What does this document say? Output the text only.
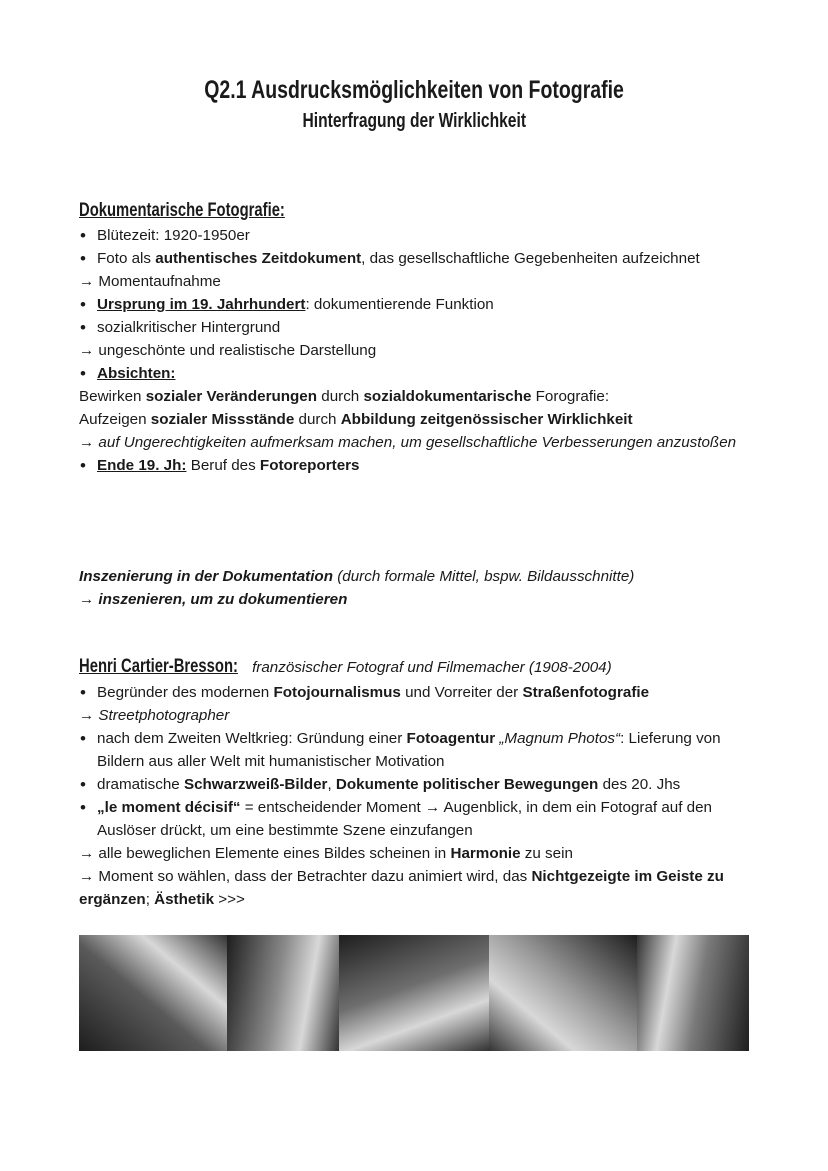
Q2.1 Ausdrucksmöglichkeiten von Fotografie
Hinterfragung der Wirklichkeit
Dokumentarische Fotografie:
• Blütezeit: 1920-1950er
• Foto als authentisches Zeitdokument, das gesellschaftliche Gegebenheiten aufzeichnet
→ Momentaufnahme
• Ursprung im 19. Jahrhundert: dokumentierende Funktion
• sozialkritischer Hintergrund
→ ungeschönte und realistische Darstellung
• Absichten:
Bewirken sozialer Veränderungen durch sozialdokumentarische Forografie:
Aufzeigen sozialer Missstände durch Abbildung zeitgenössischer Wirklichkeit
→ auf Ungerechtigkeiten aufmerksam machen, um gesellschaftliche Verbesserungen anzustoßen
• Ende 19. Jh: Beruf des Fotoreporters
Inszenierung in der Dokumentation (durch formale Mittel, bspw. Bildausschnitte)
→ inszenieren, um zu dokumentieren
Henri Cartier-Bresson: französischer Fotograf und Filmemacher (1908-2004)
• Begründer des modernen Fotojournalismus und Vorreiter der Straßenfotografie
→ Streetphotographer
• nach dem Zweiten Weltkrieg: Gründung einer Fotoagentur „Magnum Photos“: Lieferung von Bildern aus aller Welt mit humanistischer Motivation
• dramatische Schwarzweiß-Bilder, Dokumente politischer Bewegungen des 20. Jhs
• „le moment décisif“ = entscheidender Moment → Augenblick, in dem ein Fotograf auf den Auslöser drückt, um eine bestimmte Szene einzufangen
→ alle beweglichen Elemente eines Bildes scheinen in Harmonie zu sein
→ Moment so wählen, dass der Betrachter dazu animiert wird, das Nichtgezeigte im Geiste zu ergänzen; Ästhetik >>>
